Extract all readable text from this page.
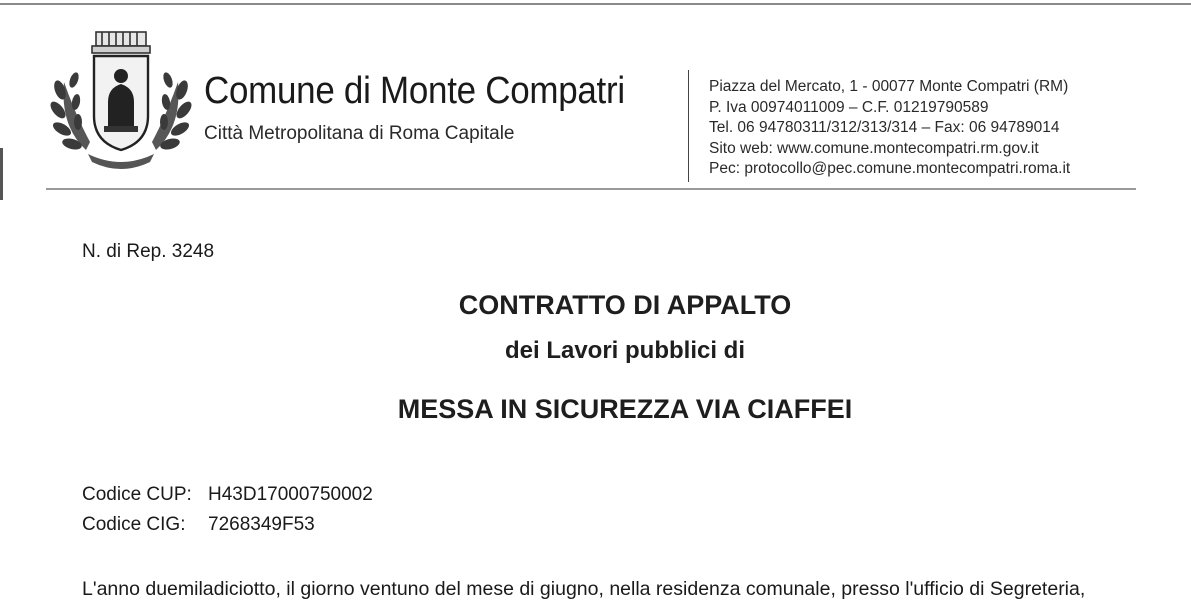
Comune di Monte Compatri
Città Metropolitana di Roma Capitale
Piazza del Mercato, 1 - 00077 Monte Compatri (RM)
P. Iva 00974011009 – C.F. 01219790589
Tel. 06 94780311/312/313/314 – Fax: 06 94789014
Sito web: www.comune.montecompatri.rm.gov.it
Pec: protocollo@pec.comune.montecompatri.roma.it
N. di Rep. 3248
CONTRATTO DI APPALTO
dei Lavori pubblici di
MESSA IN SICUREZZA VIA CIAFFEI
Codice CUP: H43D17000750002
Codice CIG: 7268349F53
L'anno duemiladiciotto, il giorno ventuno del mese di giugno, nella residenza comunale, presso l'ufficio di Segreteria,
